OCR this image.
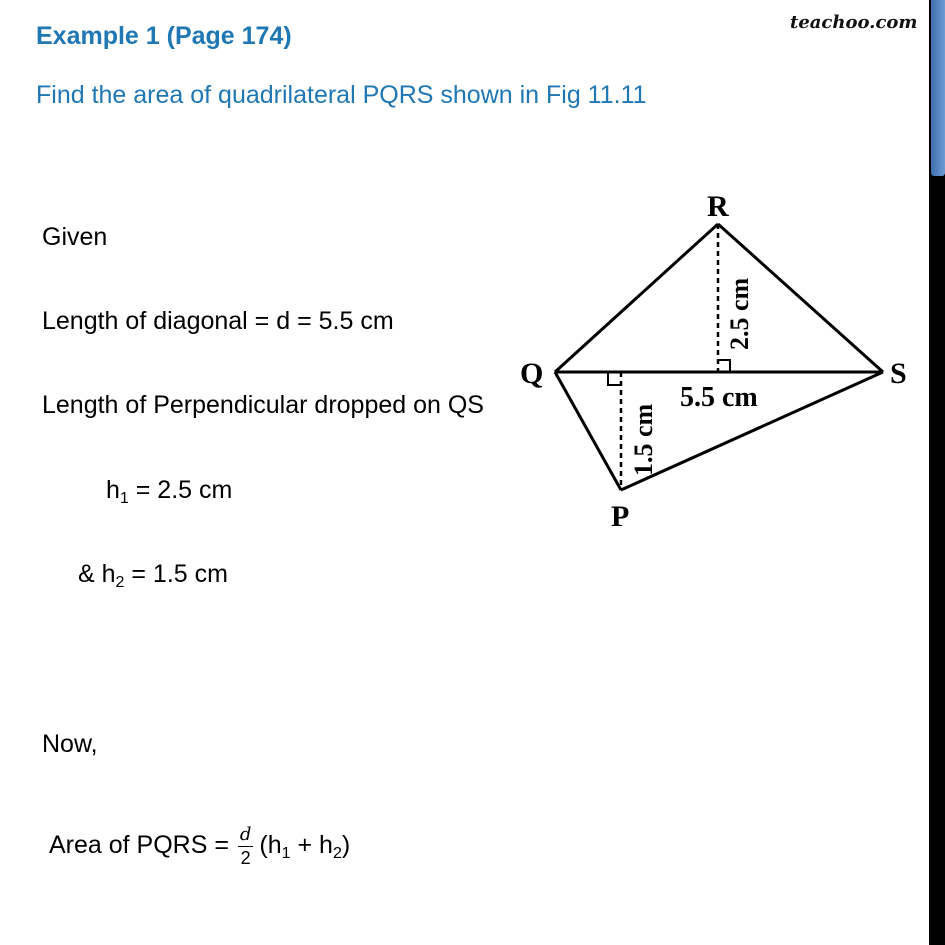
teachoo.com
Example 1 (Page 174)
Find the area of quadrilateral PQRS shown in Fig 11.11
Given
Length of diagonal = d = 5.5 cm
Length of Perpendicular dropped on QS
$h_1 = 2.5$ cm
& $h_2 = 1.5$ cm
Now,
Area of PQRS = $\frac{d}{2} (h_1 + h_2)$
R
Q	S
P
5.5 cm
2.5 cm
1.5 cm
